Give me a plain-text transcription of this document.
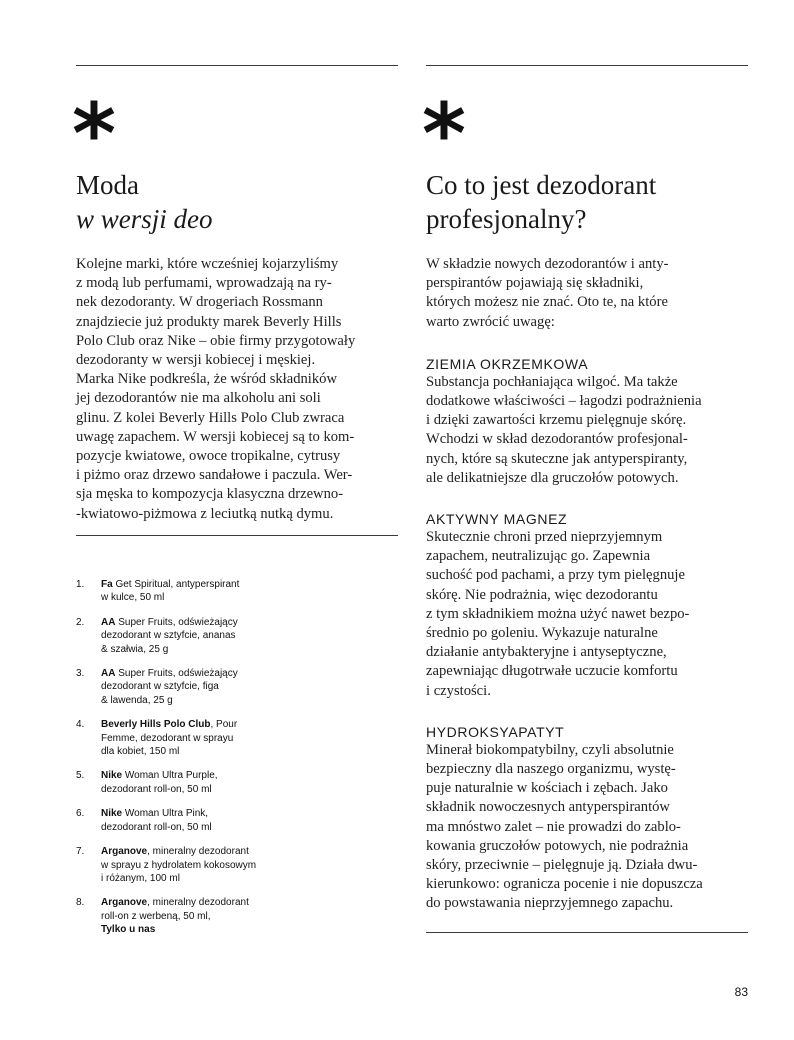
*
Moda
w wersji deo
Kolejne marki, które wcześniej kojarzyliśmy
z modą lub perfumami, wprowadzają na ry-
nek dezodoranty. W drogeriach Rossmann
znajdziecie już produkty marek Beverly Hills
Polo Club oraz Nike – obie firmy przygotowały
dezodoranty w wersji kobiecej i męskiej.
Marka Nike podkreśla, że wśród składników
jej dezodorantów nie ma alkoholu ani soli
glinu. Z kolei Beverly Hills Polo Club zwraca
uwagę zapachem. W wersji kobiecej są to kom-
pozycje kwiatowe, owoce tropikalne, cytrusy
i piżmo oraz drzewo sandałowe i paczula. Wer-
sja męska to kompozycja klasyczna drzewno-
-kwiatowo-piżmowa z leciutką nutką dymu.
1.	Fa Get Spiritual, antyperspirant
w kulce, 50 ml
2.	AA Super Fruits, odświeżający
dezodorant w sztyfcie, ananas
& szałwia, 25 g
3.	AA Super Fruits, odświeżający
dezodorant w sztyfcie, figa
& lawenda, 25 g
4.	Beverly Hills Polo Club, Pour
Femme, dezodorant w sprayu
dla kobiet, 150 ml
5.	Nike Woman Ultra Purple,
dezodorant roll-on, 50 ml
6.	Nike Woman Ultra Pink,
dezodorant roll-on, 50 ml
7.	Arganove, mineralny dezodorant
w sprayu z hydrolatem kokosowym
i różanym, 100 ml
8.	Arganove, mineralny dezodorant
roll-on z werbeną, 50 ml,
Tylko u nas
*
Co to jest dezodorant
profesjonalny?
W składzie nowych dezodorantów i anty-
perspirantów pojawiają się składniki,
których możesz nie znać. Oto te, na które
warto zwrócić uwagę:
ZIEMIA OKRZEMKOWA
Substancja pochłaniająca wilgoć. Ma także
dodatkowe właściwości – łagodzi podrażnienia
i dzięki zawartości krzemu pielęgnuje skórę.
Wchodzi w skład dezodorantów profesjonal-
nych, które są skuteczne jak antyperspiranty,
ale delikatniejsze dla gruczołów potowych.
AKTYWNY MAGNEZ
Skutecznie chroni przed nieprzyjemnym
zapachem, neutralizując go. Zapewnia
suchość pod pachami, a przy tym pielęgnuje
skórę. Nie podrażnia, więc dezodorantu
z tym składnikiem można użyć nawet bezpo-
średnio po goleniu. Wykazuje naturalne
działanie antybakteryjne i antyseptyczne,
zapewniając długotrwałe uczucie komfortu
i czystości.
HYDROKSYAPATYT
Minerał biokompatybilny, czyli absolutnie
bezpieczny dla naszego organizmu, wystę-
puje naturalnie w kościach i zębach. Jako
składnik nowoczesnych antyperspirantów
ma mnóstwo zalet – nie prowadzi do zablo-
kowania gruczołów potowych, nie podrażnia
skóry, przeciwnie – pielęgnuje ją. Działa dwu-
kierunkowo: ogranicza pocenie i nie dopuszcza
do powstawania nieprzyjemnego zapachu.
83
